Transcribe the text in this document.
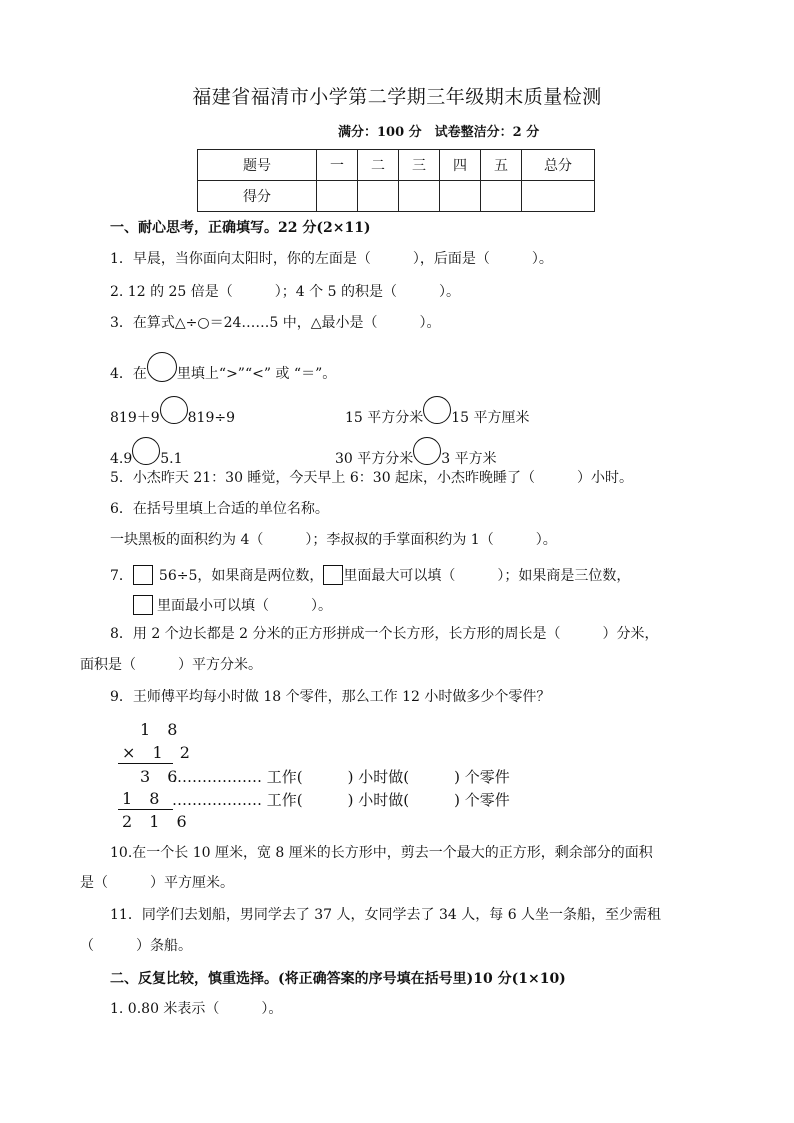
福建省福清市小学第二学期三年级期末质量检测
满分：100 分　试卷整洁分：2 分
题号	一	二	三	四	五	总分
得分						
一、耐心思考，正确填写。22 分(2×11)
1．早晨，当你面向太阳时，你的左面是（　　　），后面是（　　　）。
2. 12 的 25 倍是（　　　）；4 个 5 的积是（　　　）。
3．在算式△÷○＝24……5 中，△最小是（　　　）。
4．在 里填上“>”“<” 或 “＝”。
819＋9 819÷9	15 平方分米 15 平方厘米
4.9 5.1	30 平方分米 3 平方米
5．小杰昨天 21：30 睡觉，今天早上 6：30 起床，小杰昨晚睡了（　　　）小时。
6．在括号里填上合适的单位名称。
一块黑板的面积约为 4（　　　）；李叔叔的手掌面积约为 1（　　　）。
7． 56÷5，如果商是两位数， 里面最大可以填（　　　）；如果商是三位数，
里面最小可以填（　　　）。
8．用 2 个边长都是 2 分米的正方形拼成一个长方形，长方形的周长是（　　　）分米，
面积是（　　　）平方分米。
9．王师傅平均每小时做 18 个零件，那么工作 12 小时做多少个零件？
1 8
× 1 2
3 6
……………… 工作(　　　) 小时做(　　　) 个零件
1 8 ……………… 工作(　　　) 小时做(　　　) 个零件
2 1 6
10.在一个长 10 厘米，宽 8 厘米的长方形中，剪去一个最大的正方形，剩余部分的面积
是（　　　）平方厘米。
11．同学们去划船，男同学去了 37 人，女同学去了 34 人，每 6 人坐一条船，至少需租
（　　　）条船。
二、反复比较，慎重选择。(将正确答案的序号填在括号里)10 分(1×10)
1. 0.80 米表示（　　　）。
